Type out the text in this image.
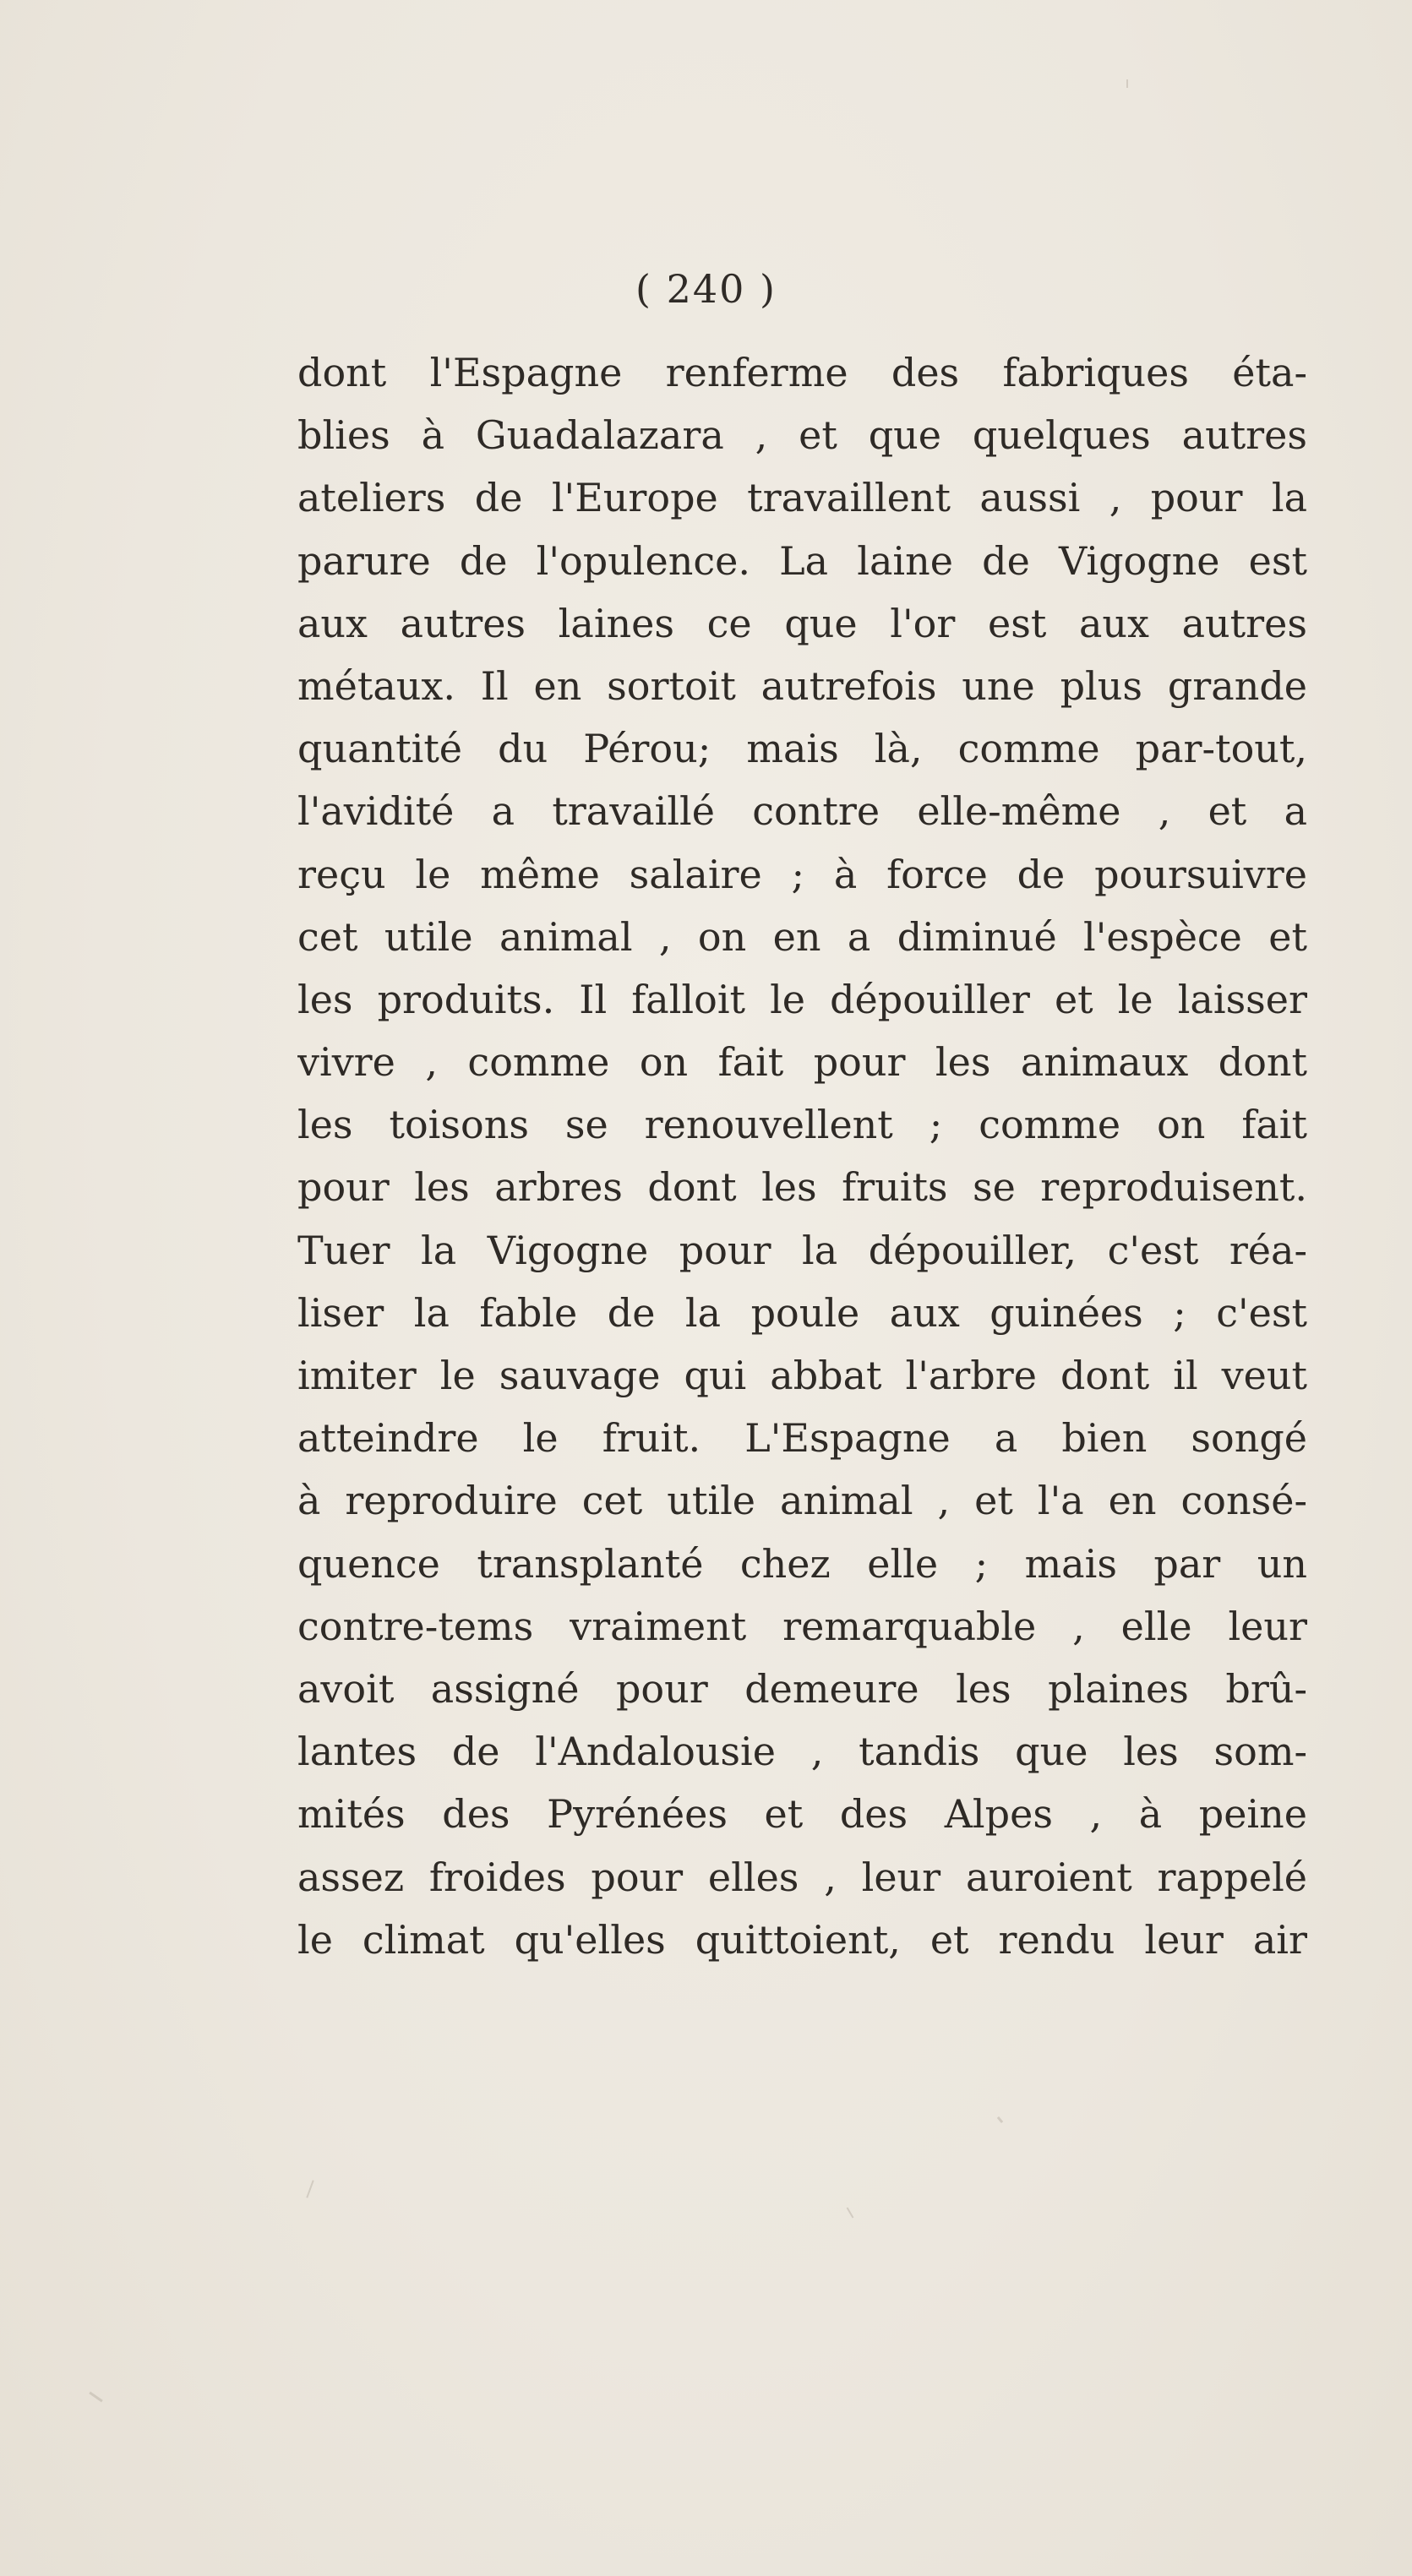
( 240 )
dont l'Espagne renferme des fabriques éta-
blies à Guadalazara , et que quelques autres
ateliers de l'Europe travaillent aussi , pour la
parure de l'opulence. La laine de Vigogne est
aux autres laines ce que l'or est aux autres
métaux. Il en sortoit autrefois une plus grande
quantité du Pérou; mais là, comme par-tout,
l'avidité a travaillé contre elle-même , et a
reçu le même salaire ; à force de poursuivre
cet utile animal , on en a diminué l'espèce et
les produits. Il falloit le dépouiller et le laisser
vivre , comme on fait pour les animaux dont
les toisons se renouvellent ; comme on fait
pour les arbres dont les fruits se reproduisent.
Tuer la Vigogne pour la dépouiller, c'est réa-
liser la fable de la poule aux guinées ; c'est
imiter le sauvage qui abbat l'arbre dont il veut
atteindre le fruit. L'Espagne a bien songé
à reproduire cet utile animal , et l'a en consé-
quence transplanté chez elle ; mais par un
contre-tems vraiment remarquable , elle leur
avoit assigné pour demeure les plaines brû-
lantes de l'Andalousie , tandis que les som-
mités des Pyrénées et des Alpes , à peine
assez froides pour elles , leur auroient rappelé
le climat qu'elles quittoient, et rendu leur air
